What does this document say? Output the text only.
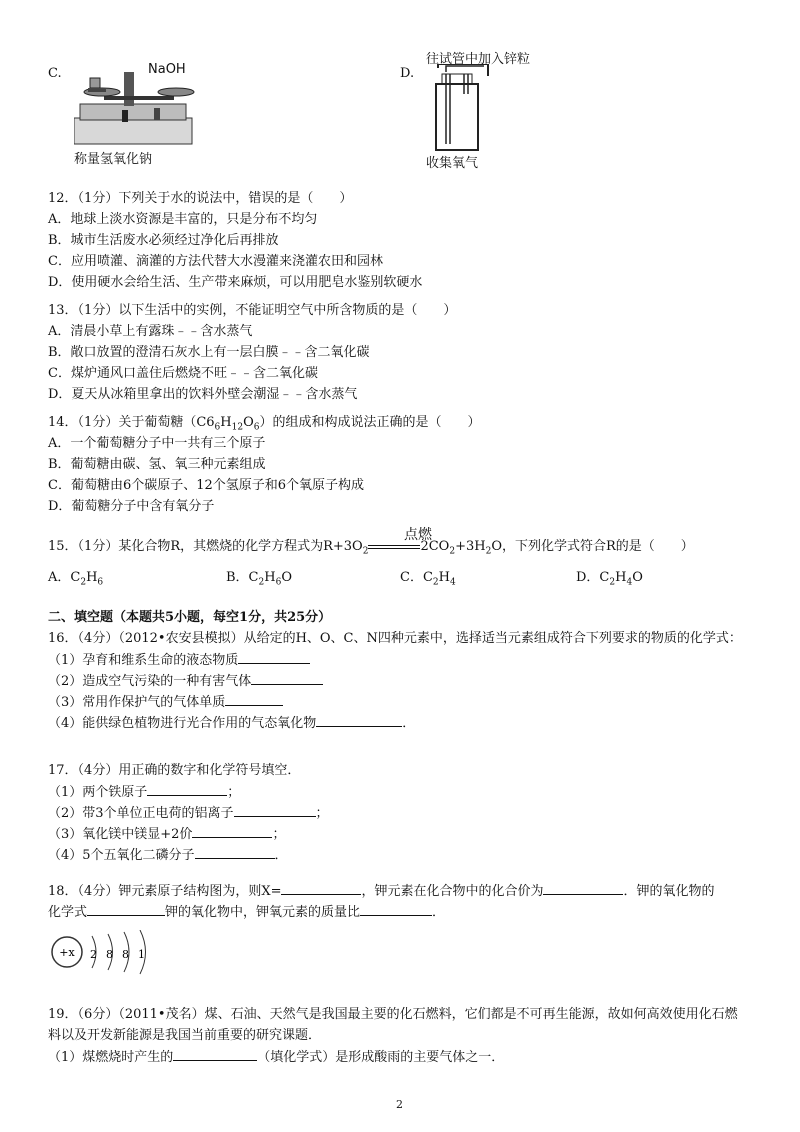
C.	NaOH
称量氢氧化钠
D.
往试管中加入锌粒
收集氧气
12．（1分）下列关于水的说法中，错误的是（　　）
A．地球上淡水资源是丰富的，只是分布不均匀
B．城市生活废水必须经过净化后再排放
C．应用喷灌、滴灌的方法代替大水漫灌来浇灌农田和园林
D．使用硬水会给生活、生产带来麻烦，可以用肥皂水鉴别软硬水
13．（1分）以下生活中的实例，不能证明空气中所含物质的是（　　）
A．清晨小草上有露珠﹣﹣含水蒸气
B．敞口放置的澄清石灰水上有一层白膜﹣﹣含二氧化碳
C．煤炉通风口盖住后燃烧不旺﹣﹣含二氧化碳
D．夏天从冰箱里拿出的饮料外壁会潮湿﹣﹣含水蒸气
14．（1分）关于葡萄糖$(C6_6H_{12}O_6)$的组成和构成说法正确的是（　　）
A．一个葡萄糖分子中一共有三个原子
B．葡萄糖由碳、氢、氧三种元素组成
C．葡萄糖由6个碳原子、12个氢原子和6个氧原子构成
D．葡萄糖分子中含有氧分子
点燃
15．（1分）某化合物R，其燃烧的化学方程式为$R+3O_2$	$2CO_2+3H_2O$，下列化学式符合R的是（　　）
A．$C_2H_6$	B．$C_2H_6O$	C．$C_2H_4$	D．$C_2H_4O$
二、填空题（本题共5小题，每空1分，共25分）
16．（4分）（2012•农安县模拟）从给定的H、O、C、N四种元素中，选择适当元素组成符合下列要求的物质的化学式：
（1）孕育和维系生命的液态物质
（2）造成空气污染的一种有害气体
（3）常用作保护气的气体单质
（4）能供绿色植物进行光合作用的气态氧化物	．
17．（4分）用正确的数字和化学符号填空．
（1）两个铁原子	；
（2）带3个单位正电荷的铝离子	；
（3）氧化镁中镁显+2价	；
（4）5个五氧化二磷分子	．
18．（4分）钾元素原子结构图为，则X=	，钾元素在化合物中的化合价为	．钾的氧化物的
化学式	钾的氧化物中，钾氧元素的质量比	．
+x 2 8 8 1
19．（6分）（2011•茂名）煤、石油、天然气是我国最主要的化石燃料，它们都是不可再生能源，故如何高效使用化石燃
料以及开发新能源是我国当前重要的研究课题．
（1）煤燃烧时产生的	（填化学式）是形成酸雨的主要气体之一．
2
